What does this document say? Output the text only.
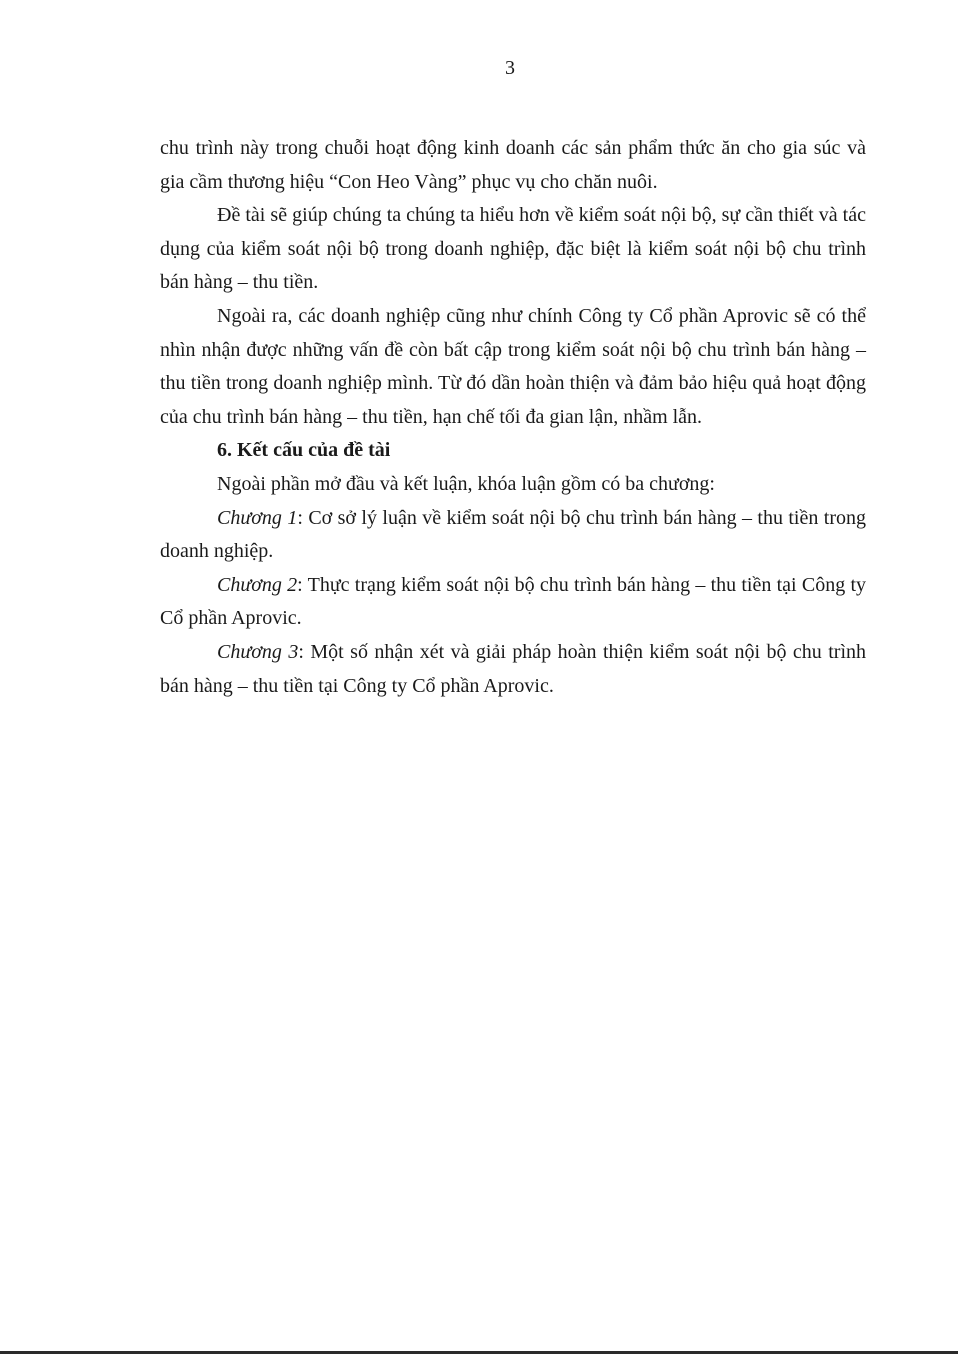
3

chu trình này trong chuỗi hoạt động kinh doanh các sản phẩm thức ăn cho gia súc và gia cầm thương hiệu “Con Heo Vàng” phục vụ cho chăn nuôi.

Đề tài sẽ giúp chúng ta chúng ta hiểu hơn về kiểm soát nội bộ, sự cần thiết và tác dụng của kiểm soát nội bộ trong doanh nghiệp, đặc biệt là kiểm soát nội bộ chu trình bán hàng – thu tiền.

Ngoài ra, các doanh nghiệp cũng như chính Công ty Cổ phần Aprovic sẽ có thể nhìn nhận được những vấn đề còn bất cập trong kiểm soát nội bộ chu trình bán hàng – thu tiền trong doanh nghiệp mình. Từ đó dần hoàn thiện và đảm bảo hiệu quả hoạt động của chu trình bán hàng – thu tiền, hạn chế tối đa gian lận, nhầm lẫn.

6. Kết cấu của đề tài

Ngoài phần mở đầu và kết luận, khóa luận gồm có ba chương:

Chương 1: Cơ sở lý luận về kiểm soát nội bộ chu trình bán hàng – thu tiền trong doanh nghiệp.

Chương 2: Thực trạng kiểm soát nội bộ chu trình bán hàng – thu tiền tại Công ty Cổ phần Aprovic.

Chương 3: Một số nhận xét và giải pháp hoàn thiện kiểm soát nội bộ chu trình bán hàng – thu tiền tại Công ty Cổ phần Aprovic.
